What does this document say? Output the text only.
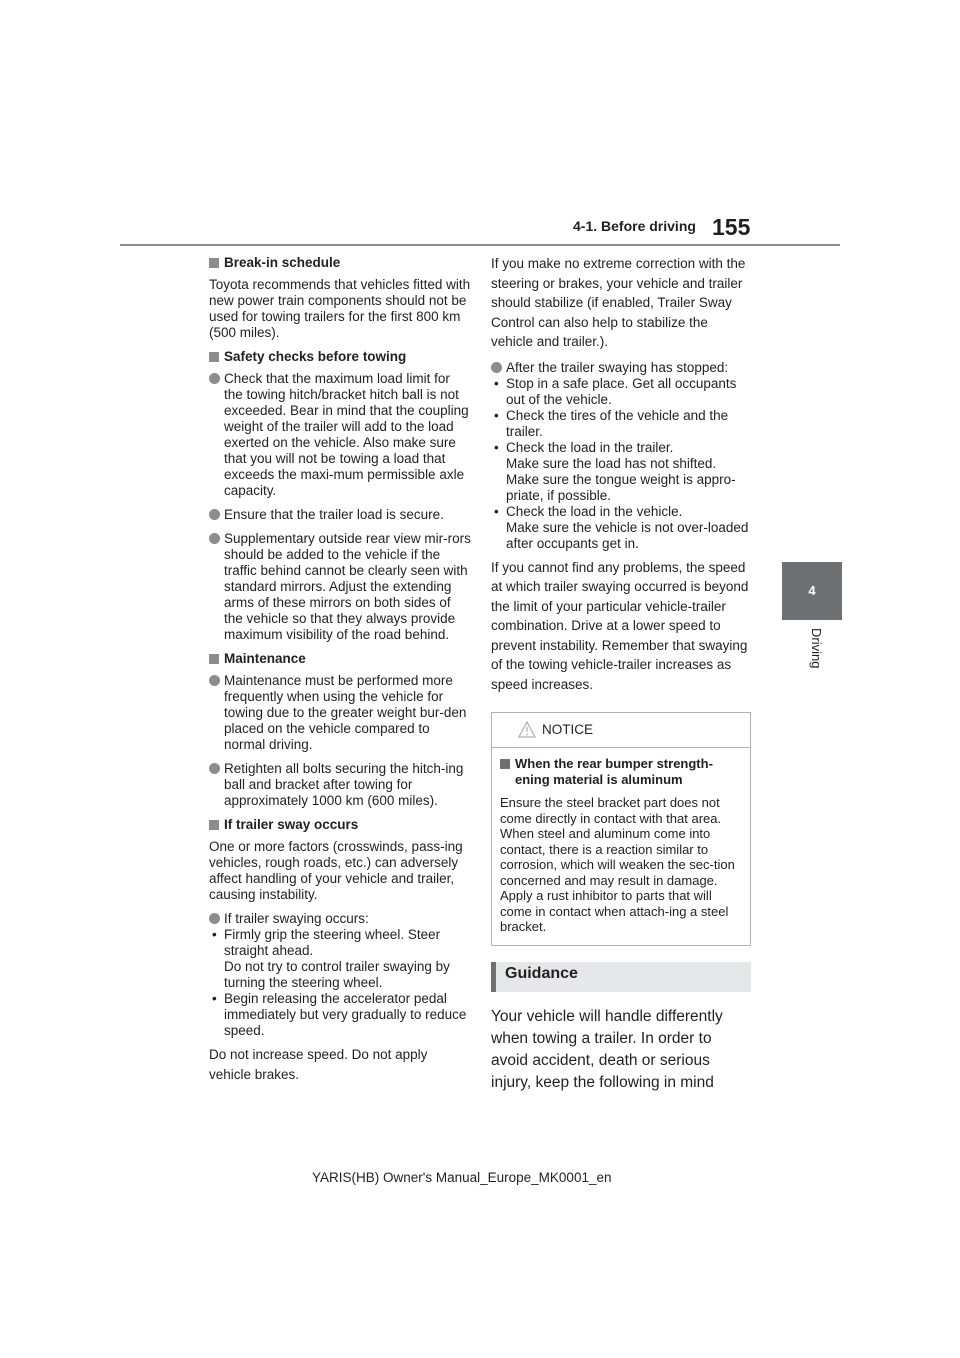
4-1. Before driving 155
4
Driving
Break-in schedule
Toyota recommends that vehicles fitted with new power train components should not be used for towing trailers for the first 800 km (500 miles).
Safety checks before towing
Check that the maximum load limit for the towing hitch/bracket hitch ball is not exceeded. Bear in mind that the coupling weight of the trailer will add to the load exerted on the vehicle. Also make sure that you will not be towing a load that exceeds the maxi-mum permissible axle capacity.
Ensure that the trailer load is secure.
Supplementary outside rear view mir-rors should be added to the vehicle if the traffic behind cannot be clearly seen with standard mirrors. Adjust the extending arms of these mirrors on both sides of the vehicle so that they always provide maximum visibility of the road behind.
Maintenance
Maintenance must be performed more frequently when using the vehicle for towing due to the greater weight bur-den placed on the vehicle compared to normal driving.
Retighten all bolts securing the hitch-ing ball and bracket after towing for approximately 1000 km (600 miles).
If trailer sway occurs
One or more factors (crosswinds, pass-ing vehicles, rough roads, etc.) can adversely affect handling of your vehicle and trailer, causing instability.
If trailer swaying occurs:
• Firmly grip the steering wheel. Steer straight ahead.
Do not try to control trailer swaying by turning the steering wheel.
• Begin releasing the accelerator pedal immediately but very gradually to reduce speed.
Do not increase speed. Do not apply vehicle brakes.
If you make no extreme correction with the steering or brakes, your vehicle and trailer should stabilize (if enabled, Trailer Sway Control can also help to stabilize the vehicle and trailer.).
After the trailer swaying has stopped:
• Stop in a safe place. Get all occupants out of the vehicle.
• Check the tires of the vehicle and the trailer.
• Check the load in the trailer.
Make sure the load has not shifted. Make sure the tongue weight is appro-priate, if possible.
• Check the load in the vehicle.
Make sure the vehicle is not over-loaded after occupants get in.
If you cannot find any problems, the speed at which trailer swaying occurred is beyond the limit of your particular vehicle-trailer combination. Drive at a lower speed to prevent instability. Remember that swaying of the towing vehicle-trailer increases as speed increases.
NOTICE
When the rear bumper strength-ening material is aluminum
Ensure the steel bracket part does not come directly in contact with that area.
When steel and aluminum come into contact, there is a reaction similar to corrosion, which will weaken the sec-tion concerned and may result in damage. Apply a rust inhibitor to parts that will come in contact when attach-ing a steel bracket.
Guidance
Your vehicle will handle differently when towing a trailer. In order to avoid accident, death or serious injury, keep the following in mind
YARIS(HB) Owner's Manual_Europe_MK0001_en
